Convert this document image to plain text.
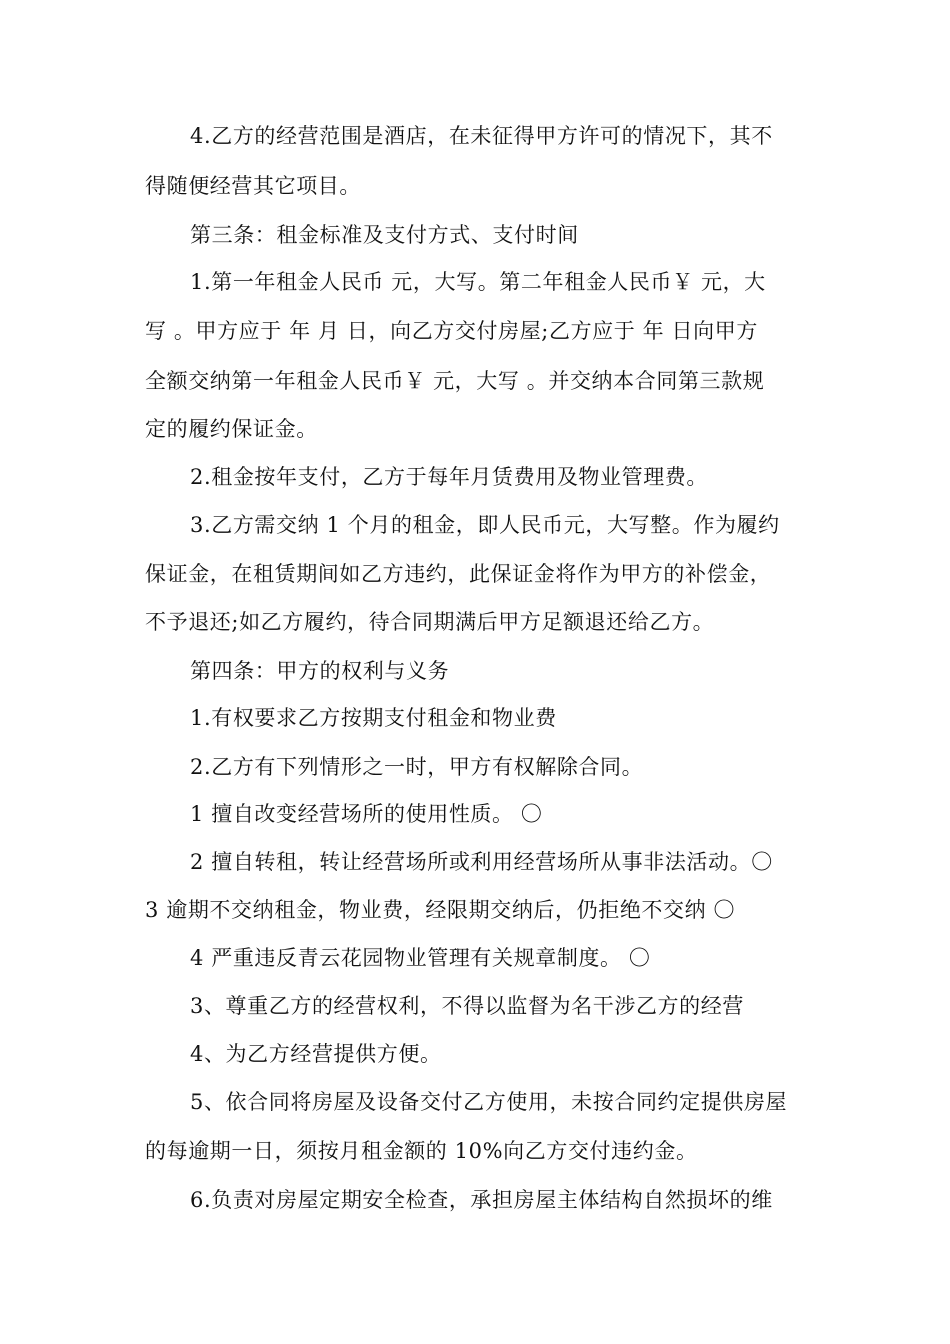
4.乙方的经营范围是酒店，在未征得甲方许可的情况下，其不
得随便经营其它项目。
第三条：租金标准及支付方式、支付时间
1.第一年租金人民币 元，大写。第二年租金人民币￥ 元，大
写 。甲方应于 年 月 日，向乙方交付房屋;乙方应于 年 日向甲方
全额交纳第一年租金人民币￥ 元，大写 。并交纳本合同第三款规
定的履约保证金。
2.租金按年支付，乙方于每年月赁费用及物业管理费。
3.乙方需交纳 1 个月的租金，即人民币元，大写整。作为履约
保证金，在租赁期间如乙方违约，此保证金将作为甲方的补偿金，
不予退还;如乙方履约，待合同期满后甲方足额退还给乙方。
第四条：甲方的权利与义务
1.有权要求乙方按期支付租金和物业费
2.乙方有下列情形之一时，甲方有权解除合同。
1 擅自改变经营场所的使用性质。 〇
2 擅自转租，转让经营场所或利用经营场所从事非法活动。〇
3 逾期不交纳租金，物业费，经限期交纳后，仍拒绝不交纳 〇
4 严重违反青云花园物业管理有关规章制度。 〇
3、尊重乙方的经营权利，不得以监督为名干涉乙方的经营
4、为乙方经营提供方便。
5、依合同将房屋及设备交付乙方使用，未按合同约定提供房屋
的每逾期一日，须按月租金额的 10%向乙方交付违约金。
6.负责对房屋定期安全检查，承担房屋主体结构自然损坏的维
